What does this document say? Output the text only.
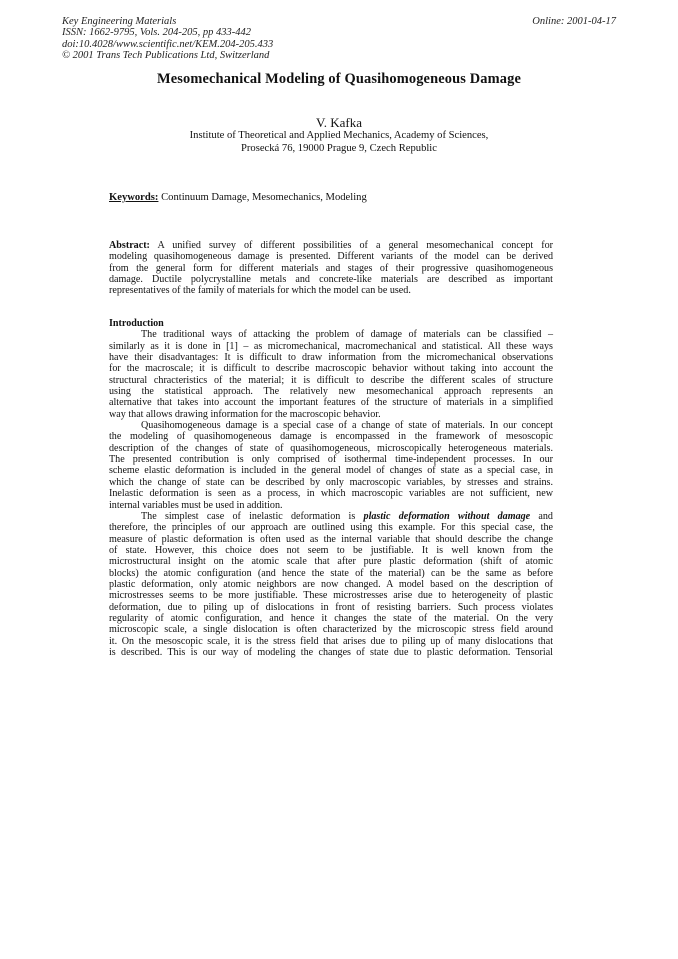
Key Engineering Materials
ISSN: 1662-9795, Vols. 204-205, pp 433-442
doi:10.4028/www.scientific.net/KEM.204-205.433
© 2001 Trans Tech Publications Ltd, Switzerland
Online: 2001-04-17
Mesomechanical Modeling of Quasihomogeneous Damage
V. Kafka
Institute of Theoretical and Applied Mechanics, Academy of Sciences,
Prosecká 76, 19000 Prague 9, Czech Republic
Keywords: Continuum Damage, Mesomechanics, Modeling
Abstract: A unified survey of different possibilities of a general mesomechanical concept for
modeling quasihomogeneous damage is presented. Different variants of the model can be derived
from the general form for different materials and stages of their progressive quasihomogeneous
damage. Ductile polycrystalline metals and concrete-like materials are described as important
representatives of the family of materials for which the model can be used.
Introduction
The traditional ways of attacking the problem of damage of materials can be classified –
similarly as it is done in [1] – as micromechanical, macromechanical and statistical. All these ways
have their disadvantages: It is difficult to draw information from the micromechanical observations
for the macroscale; it is difficult to describe macroscopic behavior without taking into account the
structural chracteristics of the material; it is difficult to describe the different scales of structure
using the statistical approach. The relatively new mesomechanical approach represents an
alternative that takes into account the important features of the structure of materials in a simplified
way that allows drawing information for the macroscopic behavior.
Quasihomogeneous damage is a special case of a change of state of materials. In our concept
the modeling of quasihomogeneous damage is encompassed in the framework of mesoscopic
description of the changes of state of quasihomogeneous, microscopically heterogeneous materials.
The presented contribution is only comprised of isothermal time-independent processes. In our
scheme elastic deformation is included in the general model of changes of state as a special case, in
which the change of state can be described by only macroscopic variables, by stresses and strains.
Inelastic deformation is seen as a process, in which macroscopic variables are not sufficient, new
internal variables must be used in addition.
The simplest case of inelastic deformation is plastic deformation without damage and
therefore, the principles of our approach are outlined using this example. For this special case, the
measure of plastic deformation is often used as the internal variable that should describe the change
of state. However, this choice does not seem to be justifiable. It is well known from the
microstructural insight on the atomic scale that after pure plastic deformation (shift of atomic
blocks) the atomic configuration (and hence the state of the material) can be the same as before
plastic deformation, only atomic neighbors are now changed. A model based on the description of
microstresses seems to be more justifiable. These microstresses arise due to heterogeneity of plastic
deformation, due to piling up of dislocations in front of resisting barriers. Such process violates
regularity of atomic configuration, and hence it changes the state of the material. On the very
microscopic scale, a single dislocation is often characterized by the microscopic stress field around
it. On the mesoscopic scale, it is the stress field that arises due to piling up of many dislocations that
is described. This is our way of modeling the changes of state due to plastic deformation. Tensorial
